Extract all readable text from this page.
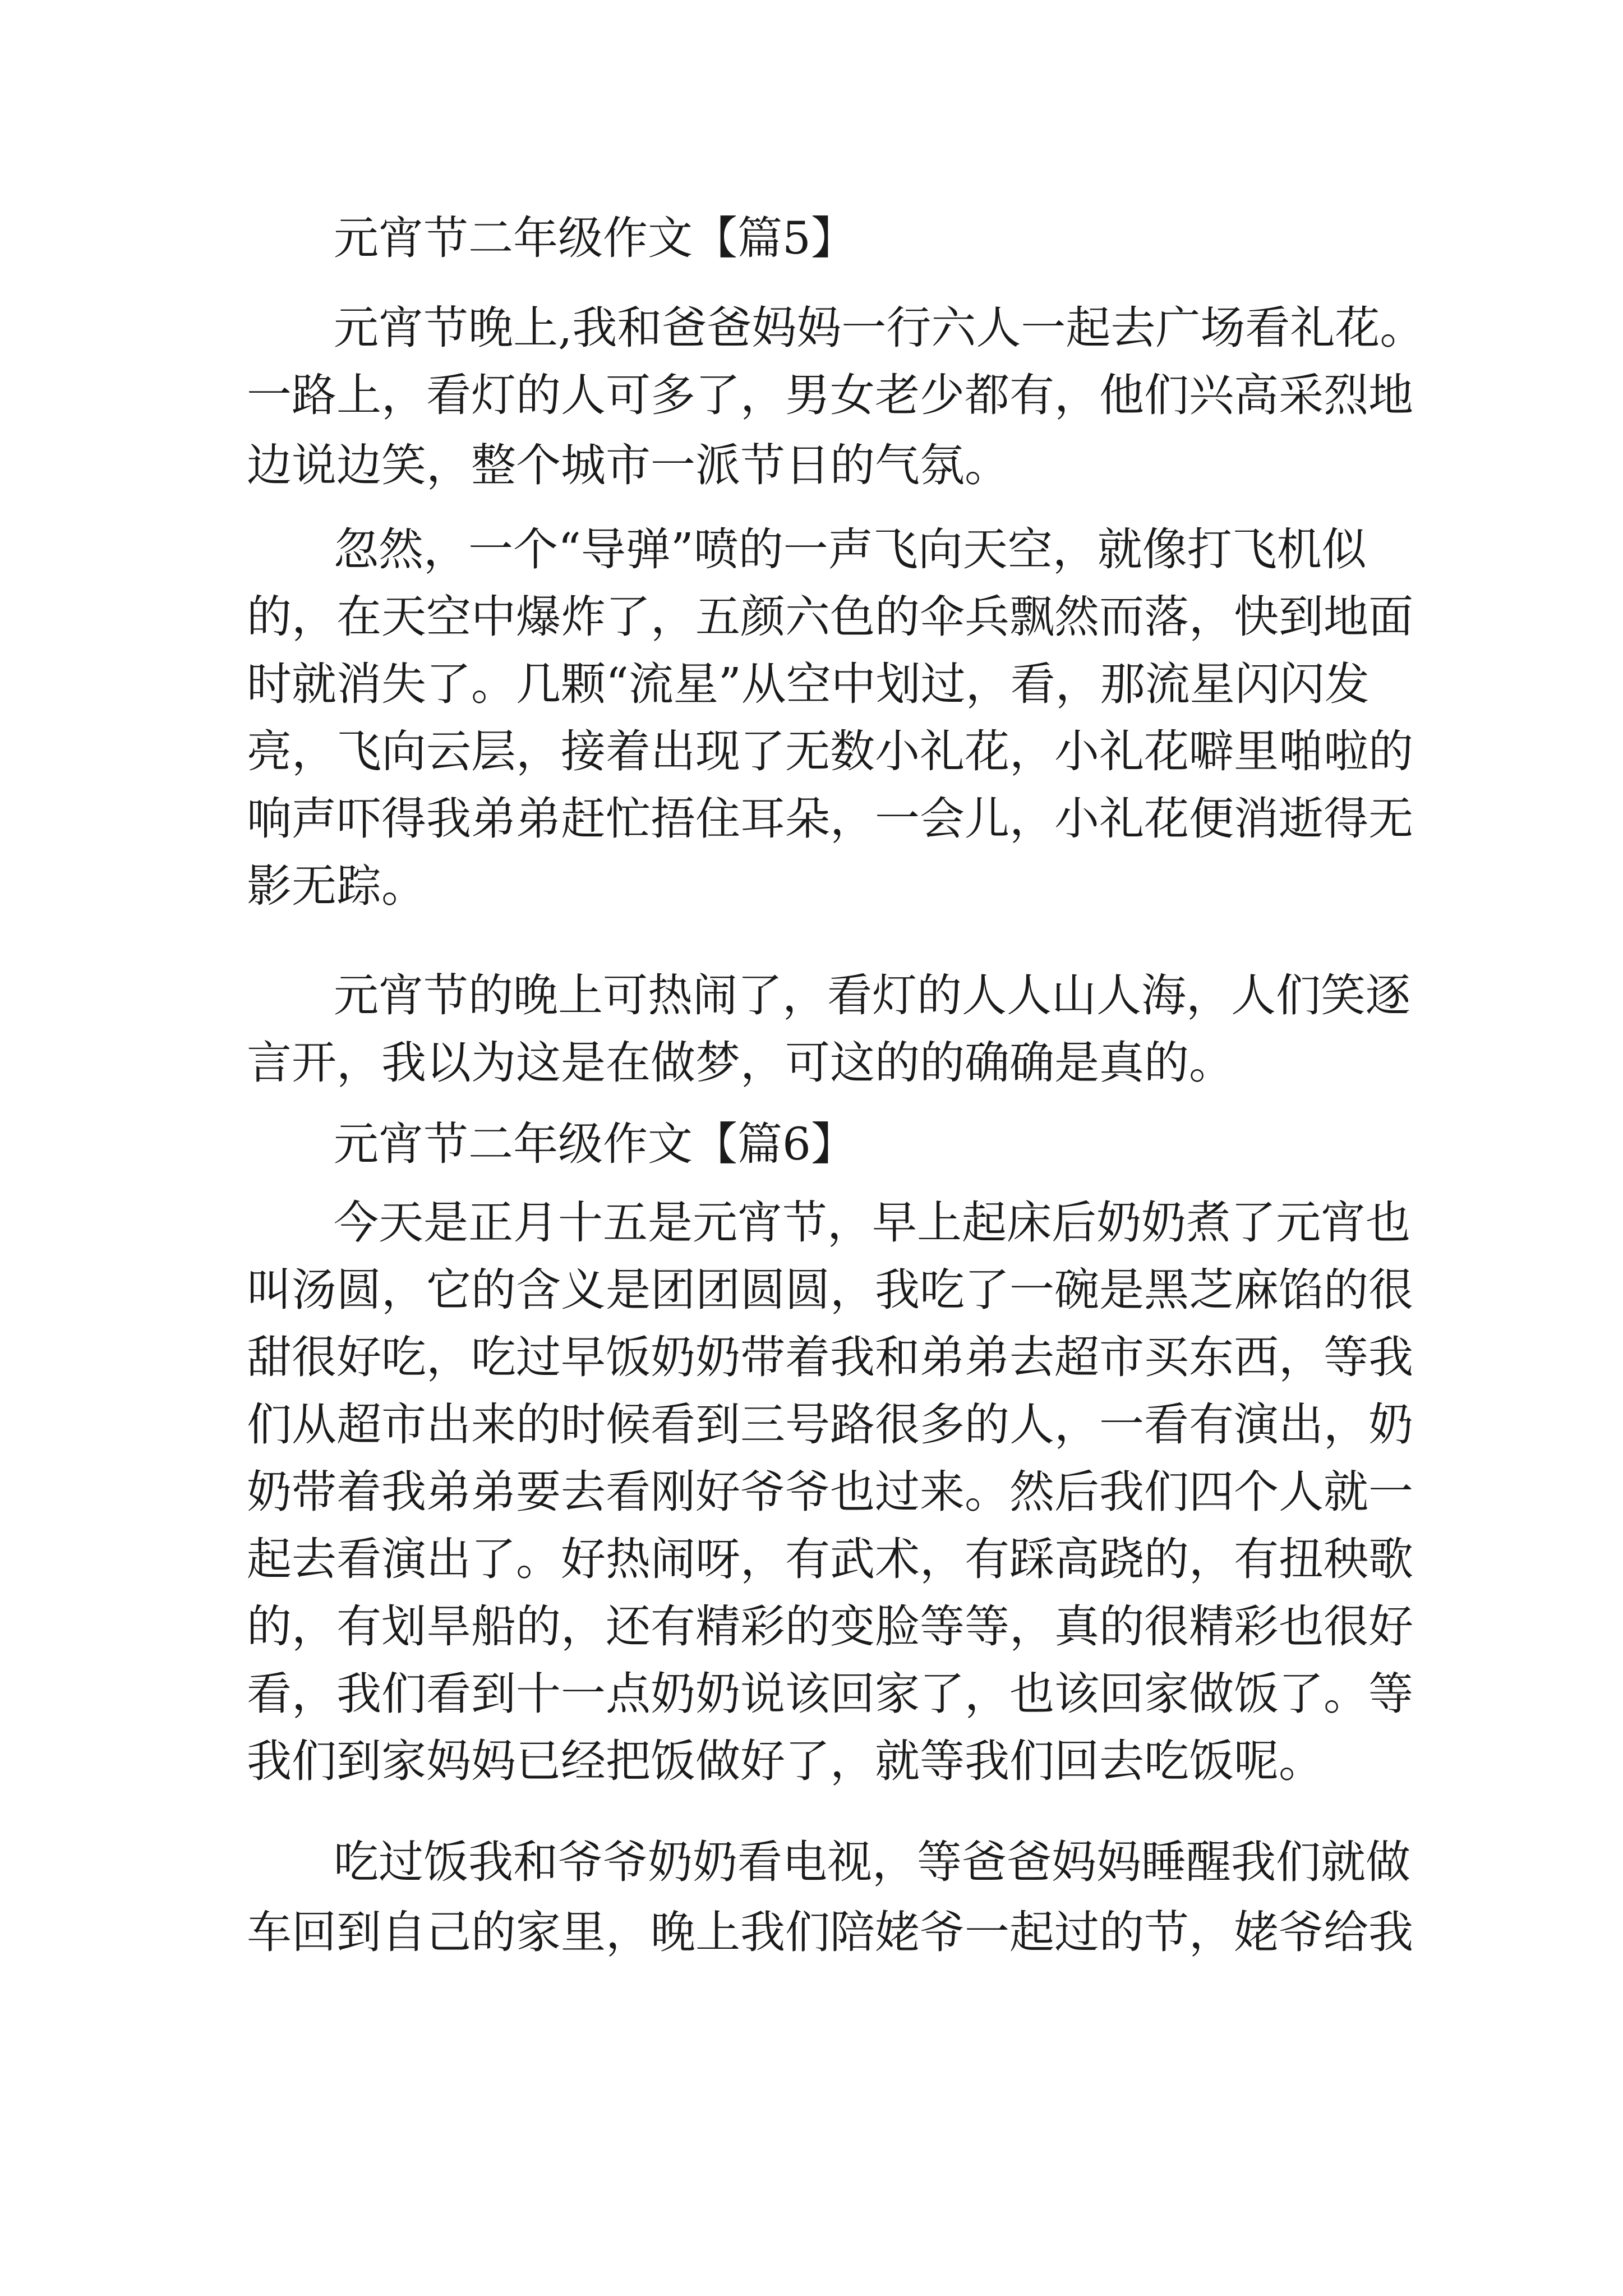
元宵节二年级作文【篇5】
元宵节晚上,我和爸爸妈妈一行六人一起去广场看礼花。
一路上，看灯的人可多了，男女老少都有，他们兴高采烈地
边说边笑，整个城市一派节日的气氛。
忽然，一个“导弹”喷的一声飞向天空，就像打飞机似
的，在天空中爆炸了，五颜六色的伞兵飘然而落，快到地面
时就消失了。几颗“流星”从空中划过，看，那流星闪闪发
亮，飞向云层，接着出现了无数小礼花，小礼花噼里啪啦的
响声吓得我弟弟赶忙捂住耳朵，一会儿，小礼花便消逝得无
影无踪。
元宵节的晚上可热闹了，看灯的人人山人海，人们笑逐
言开，我以为这是在做梦，可这的的确确是真的。
元宵节二年级作文【篇6】
今天是正月十五是元宵节，早上起床后奶奶煮了元宵也
叫汤圆，它的含义是团团圆圆，我吃了一碗是黑芝麻馅的很
甜很好吃，吃过早饭奶奶带着我和弟弟去超市买东西，等我
们从超市出来的时候看到三号路很多的人，一看有演出，奶
奶带着我弟弟要去看刚好爷爷也过来。然后我们四个人就一
起去看演出了。好热闹呀，有武术，有踩高跷的，有扭秧歌
的，有划旱船的，还有精彩的变脸等等，真的很精彩也很好
看，我们看到十一点奶奶说该回家了，也该回家做饭了。等
我们到家妈妈已经把饭做好了，就等我们回去吃饭呢。
吃过饭我和爷爷奶奶看电视，等爸爸妈妈睡醒我们就做
车回到自己的家里，晚上我们陪姥爷一起过的节，姥爷给我
